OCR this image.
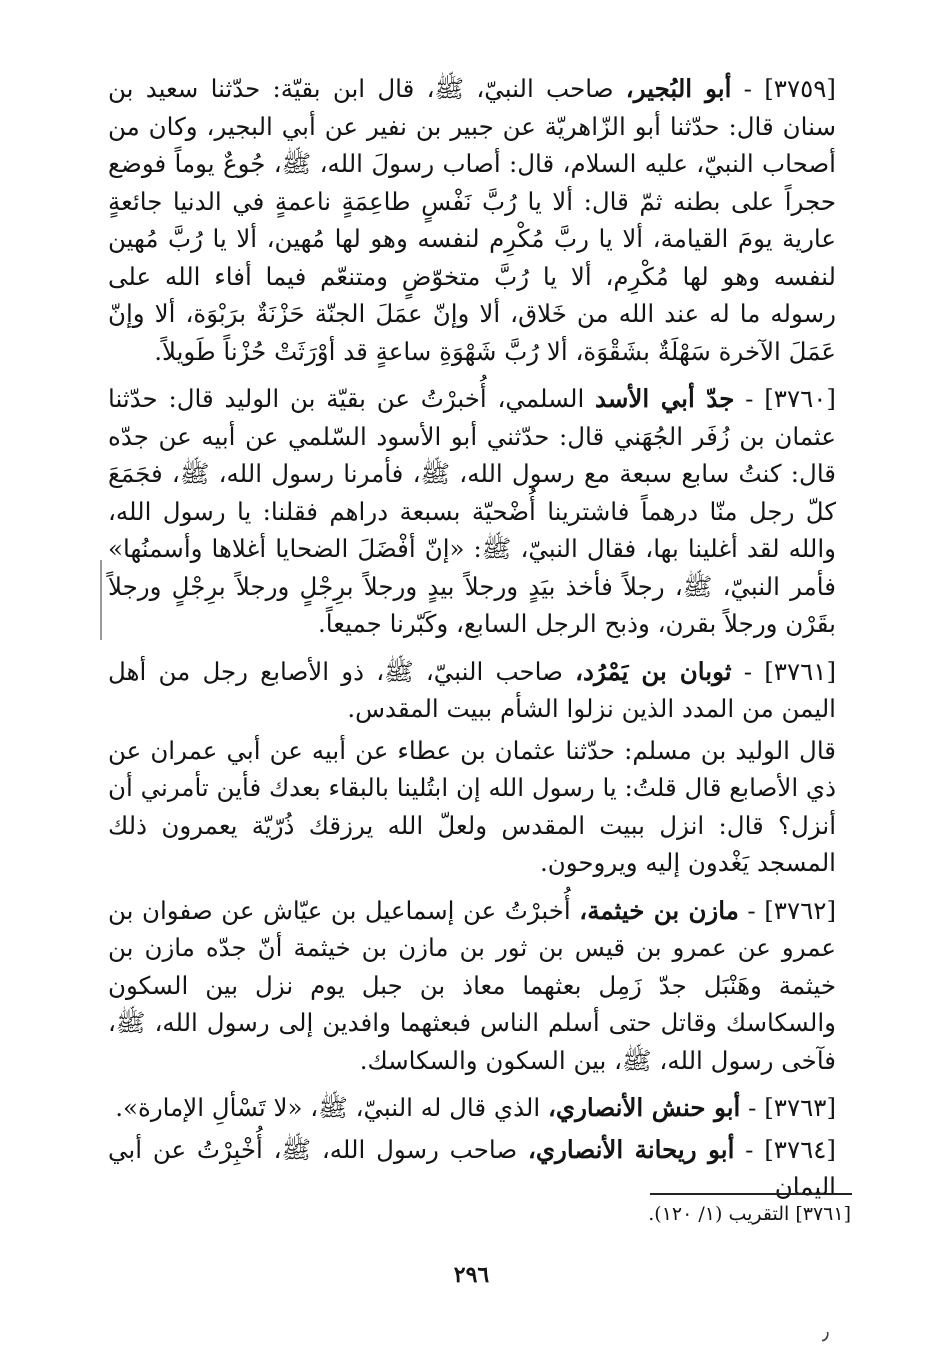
[٣٧٥٩] - أبو البُجير، صاحب النبيّ، ﷺ، قال ابن بقيّة: حدّثنا سعيد بن سنان قال: حدّثنا أبو الزّاهريّة عن جبير بن نفير عن أبي البجير، وكان من أصحاب النبيّ، عليه السلام، قال: أصاب رسولَ الله، ﷺ، جُوعٌ يوماً فوضع حجراً على بطنه ثمّ قال: ألا يا رُبَّ نَفْسٍ طاعِمَةٍ ناعمةٍ في الدنيا جائعةٍ عارية يومَ القيامة، ألا يا ربَّ مُكْرِم لنفسه وهو لها مُهين، ألا يا رُبَّ مُهين لنفسه وهو لها مُكْرِم، ألا يا رُبَّ متخوّضٍ ومتنعّم فيما أفاء الله على رسوله ما له عند الله من خَلاق، ألا وإنّ عمَلَ الجنّة حَزْنَةٌ برَبْوَة، ألا وإنّ عَمَلَ الآخرة سَهْلَةٌ بشَقْوَة، ألا رُبَّ شَهْوَةِ ساعةٍ قد أوْرَثَتْ حُزْناً طَويلاً.

[٣٧٦٠] - جدّ أبي الأسد السلمي، أُخبرْتُ عن بقيّة بن الوليد قال: حدّثنا عثمان بن زُفَر الجُهَني قال: حدّثني أبو الأسود السّلمي عن أبيه عن جدّه قال: كنتُ سابع سبعة مع رسول الله، ﷺ، فأمرنا رسول الله، ﷺ، فجَمَعَ كلّ رجل منّا درهماً فاشترينا أُضْحيّة بسبعة دراهم فقلنا: يا رسول الله، والله لقد أغلينا بها، فقال النبيّ، ﷺ: «إنّ أفْضَلَ الضحايا أغلاها وأسمنُها» فأمر النبيّ، ﷺ، رجلاً فأخذ بيَدٍ ورجلاً بيدٍ ورجلاً برِجْلٍ ورجلاً برِجْلٍ ورجلاً بقَرْن ورجلاً بقرن، وذبح الرجل السابع، وكَبّرنا جميعاً.

[٣٧٦١] - ثوبان بن يَمْرُد، صاحب النبيّ، ﷺ، ذو الأصابع رجل من أهل اليمن من المدد الذين نزلوا الشأم ببيت المقدس.

قال الوليد بن مسلم: حدّثنا عثمان بن عطاء عن أبيه عن أبي عمران عن ذي الأصابع قال قلتُ: يا رسول الله إن ابتُلينا بالبقاء بعدك فأين تأمرني أن أنزل؟ قال: انزل ببيت المقدس ولعلّ الله يرزقك ذُرّيّة يعمرون ذلك المسجد يَغْدون إليه ويروحون.

[٣٧٦٢] - مازن بن خيثمة، أُخبرْتُ عن إسماعيل بن عيّاش عن صفوان بن عمرو عن عمرو بن قيس بن ثور بن مازن بن خيثمة أنّ جدّه مازن بن خيثمة وهَنْبَل جدّ زَمِل بعثهما معاذ بن جبل يوم نزل بين السكون والسكاسك وقاتل حتى أسلم الناس فبعثهما وافدين إلى رسول الله، ﷺ، فآخى رسول الله، ﷺ، بين السكون والسكاسك.

[٣٧٦٣] - أبو حنش الأنصاري، الذي قال له النبيّ، ﷺ، «لا تَسْألِ الإمارة».

[٣٧٦٤] - أبو ريحانة الأنصاري، صاحب رسول الله، ﷺ، أُخْبِرْتُ عن أبي اليمان

[٣٧٦١] التقريب (١/ ١٢٠).
٢٩٦
٫
